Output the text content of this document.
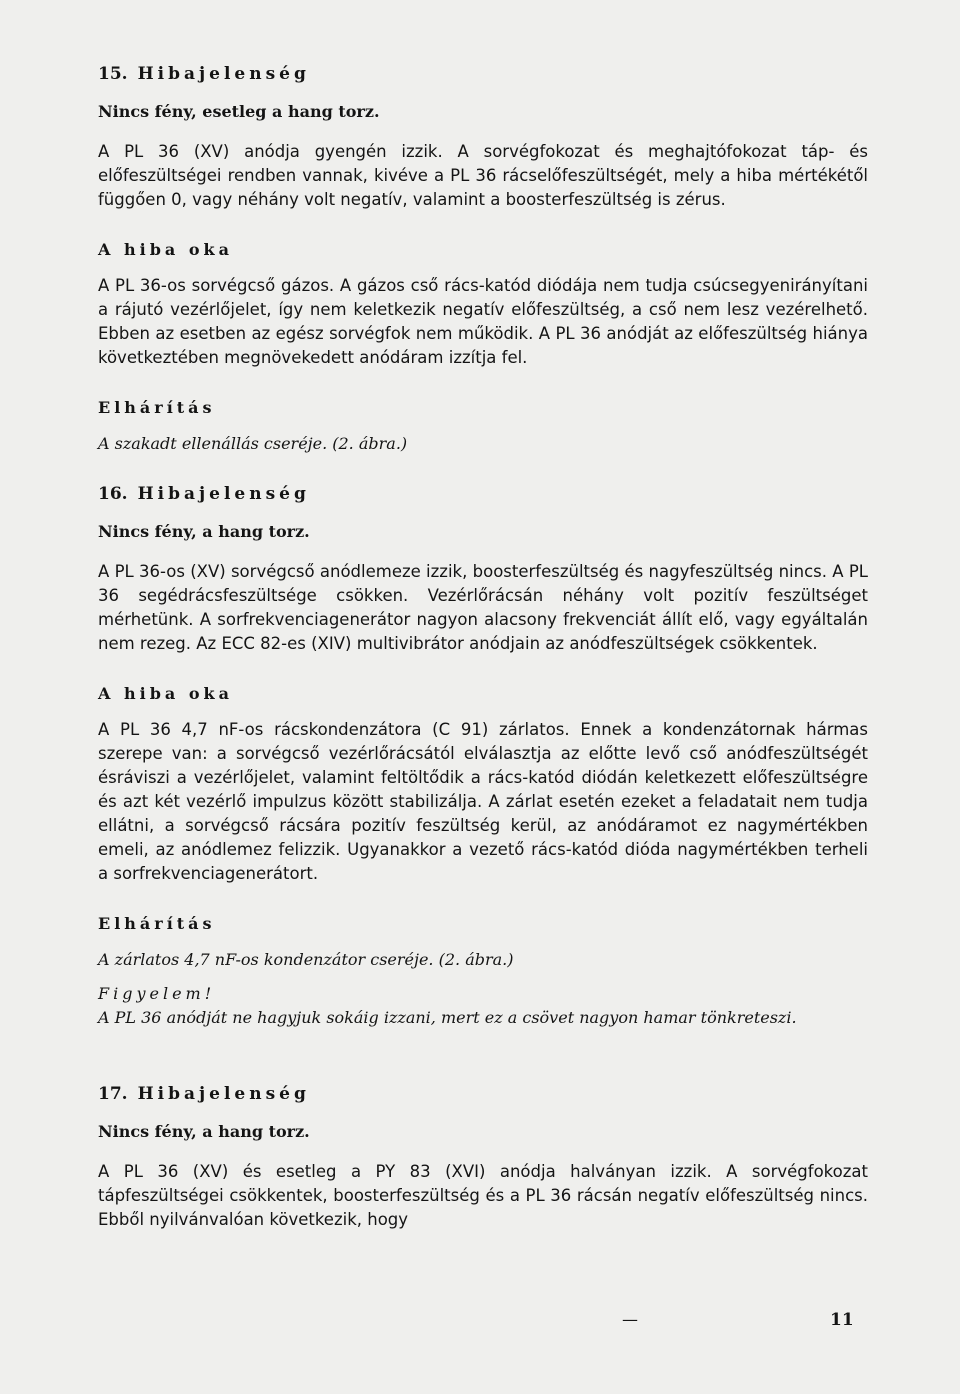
15. Hibajelenség
Nincs fény, esetleg a hang torz.
A PL 36 (XV) anódja gyengén izzik. A sorvégfokozat és meghajtófokozat táp- és előfeszültségei rendben vannak, kivéve a PL 36 rácselőfeszültségét, mely a hiba mértékétől függően 0, vagy néhány volt negatív, valamint a boosterfeszültség is zérus.
A hiba oka
A PL 36-os sorvégcső gázos. A gázos cső rács-katód diódája nem tudja csúcsegyenirányítani a rájutó vezérlőjelet, így nem keletkezik negatív előfeszültség, a cső nem lesz vezérelhető. Ebben az esetben az egész sorvégfok nem működik. A PL 36 anódját az előfeszültség hiánya következtében megnövekedett anódáram izzítja fel.
Elhárítás
A szakadt ellenállás cseréje. (2. ábra.)
16. Hibajelenség
Nincs fény, a hang torz.
A PL 36-os (XV) sorvégcső anódlemeze izzik, boosterfeszültség és nagyfeszültség nincs. A PL 36 segédrácsfeszültsége csökken. Vezérlőrácsán néhány volt pozitív feszültséget mérhetünk. A sorfrekvenciagenerátor nagyon alacsony frekvenciát állít elő, vagy egyáltalán nem rezeg. Az ECC 82-es (XIV) multivibrátor anódjain az anódfeszültségek csökkentek.
A hiba oka
A PL 36 4,7 nF-os rácskondenzátora (C 91) zárlatos. Ennek a kondenzátornak hármas szerepe van: a sorvégcső vezérlőrácsától elválasztja az előtte levő cső anódfeszültségét ésráviszi a vezérlőjelet, valamint feltöltődik a rács-katód diódán keletkezett előfeszültségre és azt két vezérlő impulzus között stabilizálja. A zárlat esetén ezeket a feladatait nem tudja ellátni, a sorvégcső rácsára pozitív feszültség kerül, az anódáramot ez nagymértékben emeli, az anódlemez felizzik. Ugyanakkor a vezető rács-katód dióda nagymértékben terheli a sorfrekvenciagenerátort.
Elhárítás
A zárlatos 4,7 nF-os kondenzátor cseréje. (2. ábra.)
Figyelem!
A PL 36 anódját ne hagyjuk sokáig izzani, mert ez a csövet nagyon hamar tönkreteszi.
17. Hibajelenség
Nincs fény, a hang torz.
A PL 36 (XV) és esetleg a PY 83 (XVI) anódja halványan izzik. A sorvégfokozat tápfeszültségei csökkentek, boosterfeszültség és a PL 36 rácsán negatív előfeszültség nincs. Ebből nyilvánvalóan következik, hogy
—	11
